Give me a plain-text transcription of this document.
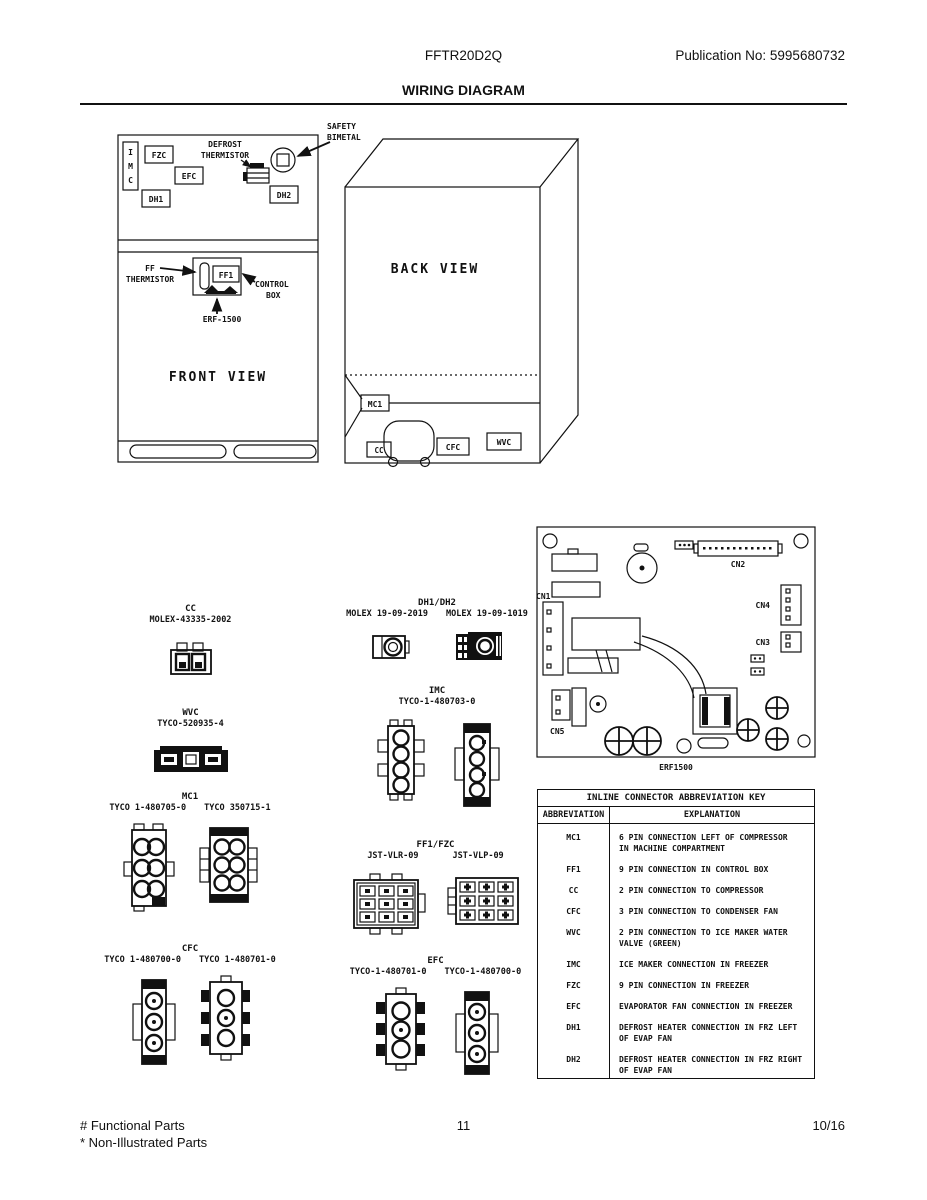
FFTR20D2Q	Publication No: 5995680732
WIRING DIAGRAM
I
M
C
FZC
EFC
DH1
DEFROST
THERMISTOR
DH2
SAFETY
BIMETAL
FF1
FF
THERMISTOR
CONTROL
BOX
ERF-1500
FRONT VIEW
BACK VIEW
MC1
CC	CFC
WVC
CN2
CN1
CN5
CN4
CN3
ERF1500
CC
MOLEX-43335-2002
WVC
TYCO-520935-4
MC1
TYCO 1-480705-0 TYCO 350715-1
CFC
TYCO 1-480700-0 TYCO 1-480701-0
DH1/DH2
MOLEX 19-09-2019 MOLEX 19-09-1019
IMC
TYCO-1-480703-0
FF1/FZC
JST-VLR-09	JST-VLP-09
EFC
TYCO-1-480701-0 TYCO-1-480700-0
INLINE CONNECTOR ABBREVIATION KEY
ABBREVIATION	EXPLANATION
MC1	6 PIN CONNECTION LEFT OF COMPRESSOR
IN MACHINE COMPARTMENT
FF1	9 PIN CONNECTION IN CONTROL BOX
CC	2 PIN CONNECTION TO COMPRESSOR
CFC	3 PIN CONNECTION TO CONDENSER FAN
WVC	2 PIN CONNECTION TO ICE MAKER WATER
VALVE (GREEN)
IMC	ICE MAKER CONNECTION IN FREEZER
FZC	9 PIN CONNECTION IN FREEZER
EFC	EVAPORATOR FAN CONNECTION IN FREEZER
DH1	DEFROST HEATER CONNECTION IN FRZ LEFT
OF EVAP FAN
DH2	DEFROST HEATER CONNECTION IN FRZ RIGHT
OF EVAP FAN
# Functional Parts
* Non-Illustrated Parts
11	10/16
